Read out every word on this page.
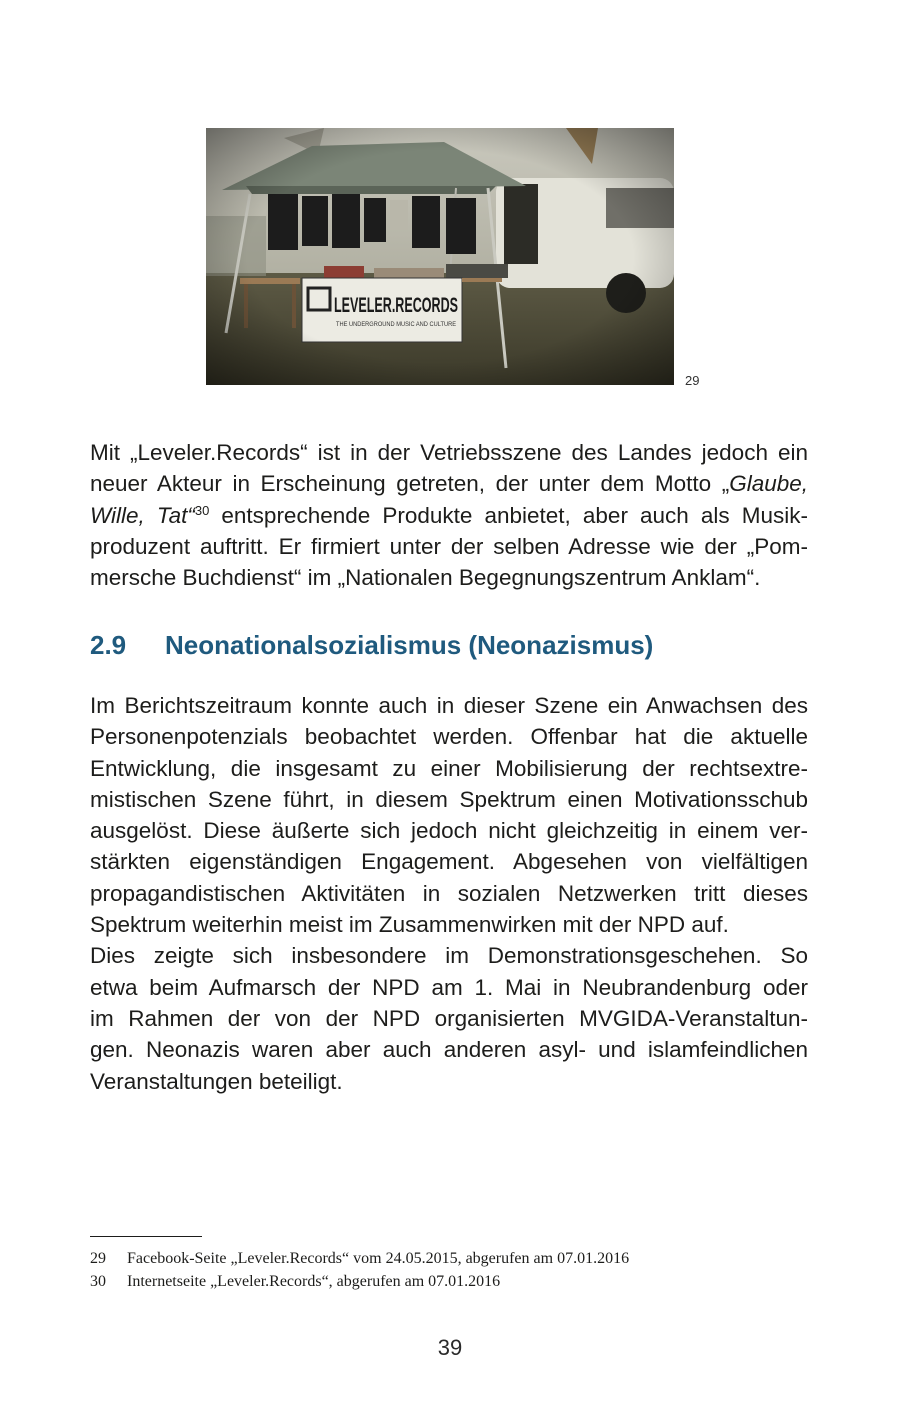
29
Mit „Leveler.Records“ ist in der Vetriebsszene des Landes jedoch ein
neuer Akteur in Erscheinung getreten, der unter dem Motto „Glaube,
Wille, Tat“$^{30}$ entsprechende Produkte anbietet, aber auch als Musik-
produzent auftritt. Er firmiert unter der selben Adresse wie der „Pom-
mersche Buchdienst“ im „Nationalen Begegnungszentrum Anklam“.
2.9 Neonationalsozialismus (Neonazismus)
Im Berichtszeitraum konnte auch in dieser Szene ein Anwachsen des
Personenpotenzials beobachtet werden. Offenbar hat die aktuelle
Entwicklung, die insgesamt zu einer Mobilisierung der rechtsextre-
mistischen Szene führt, in diesem Spektrum einen Motivationsschub
ausgelöst. Diese äußerte sich jedoch nicht gleichzeitig in einem ver-
stärkten eigenständigen Engagement. Abgesehen von vielfältigen
propagandistischen Aktivitäten in sozialen Netzwerken tritt dieses
Spektrum weiterhin meist im Zusammenwirken mit der NPD auf.
Dies zeigte sich insbesondere im Demonstrationsgeschehen. So
etwa beim Aufmarsch der NPD am 1. Mai in Neubrandenburg oder
im Rahmen der von der NPD organisierten MVGIDA-Veranstaltun-
gen. Neonazis waren aber auch anderen asyl- und islamfeindlichen
Veranstaltungen beteiligt.
29 Facebook-Seite „Leveler.Records“ vom 24.05.2015, abgerufen am 07.01.2016
30 Internetseite „Leveler.Records“, abgerufen am 07.01.2016
39
